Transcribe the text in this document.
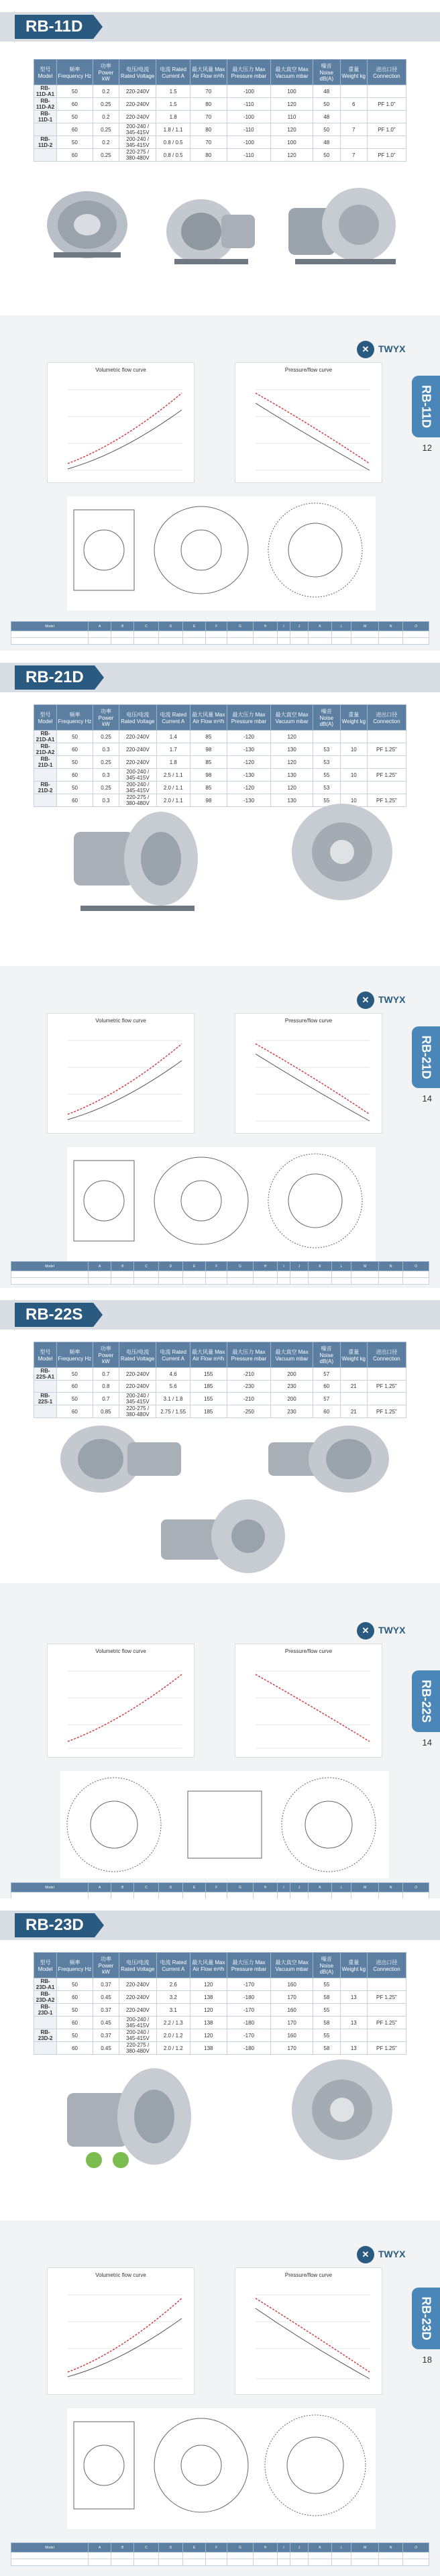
RB-11D
型号 Model	频率 Frequency Hz	功率 Power kW	电压/电流 Rated Voltage	电流 Rated Current A	最大风量 Max Air Flow m³/h	最大压力 Max Pressure mbar	最大真空 Max Vacuum mbar	噪音 Noise dB(A)	重量 Weight kg	进出口径 Connection
RB-11D-A1	50	0.2	220-240V	1.5	70	-100	100	48		
RB-11D-A2	60	0.25	220-240V	1.5	80	-110	120	50	6	PF 1.0"
RB-11D-1	50	0.2	220-240V	1.8	70	-100	110	48		
	60	0.25	200-240 / 345-415V	1.8 / 1.1	80	-110	120	50	7	PF 1.0"
RB-11D-2	50	0.2	200-240 / 345-415V	0.8 / 0.5	70	-100	100	48		
	60	0.25	220-275 / 380-480V	0.8 / 0.5	80	-110	120	50	7	PF 1.0"
✕ TWYX
Volumetric flow curve	Pressure/flow curve
RB-11D
12
Model	A	B	C	D	E	F	G	H	I	J	K	L	M	N	O

RB-21D
型号 Model	频率 Frequency Hz	功率 Power kW	电压/电流 Rated Voltage	电流 Rated Current A	最大风量 Max Air Flow m³/h	最大压力 Max Pressure mbar	最大真空 Max Vacuum mbar	噪音 Noise dB(A)	重量 Weight kg	进出口径 Connection
RB-21D-A1	50	0.25	220-240V	1.4	85	-120	120			
RB-21D-A2	60	0.3	220-240V	1.7	98	-130	130	53	10	PF 1.25"
RB-21D-1	50	0.25	220-240V	1.8	85	-120	120	53		
	60	0.3	200-240 / 345-415V	2.5 / 1.1	98	-130	130	55	10	PF 1.25"
RB-21D-2	50	0.25	200-240 / 345-415V	2.0 / 1.1	85	-120	120	53		
	60	0.3	220-275 / 380-480V	2.0 / 1.1	98	-130	130	55	10	PF 1.25"
✕ TWYX
Volumetric flow curve	Pressure/flow curve
RB-21D
14
Model	A	B	C	D	E	F	G	H	I	J	K	L	M	N	O

RB-22S
型号 Model	频率 Frequency Hz	功率 Power kW	电压/电流 Rated Voltage	电流 Rated Current A	最大风量 Max Air Flow m³/h	最大压力 Max Pressure mbar	最大真空 Max Vacuum mbar	噪音 Noise dB(A)	重量 Weight kg	进出口径 Connection
RB-22S-A1	50	0.7	220-240V	4.6	155	-210	200	57		
	60	0.8	220-240V	5.6	185	-230	230	60	21	PF 1.25"
RB-22S-1	50	0.7	200-240 / 345-415V	3.1 / 1.8	155	-210	200	57		
	60	0.85	220-275 / 380-480V	2.75 / 1.55	185	-250	230	60	21	PF 1.25"
✕ TWYX
Volumetric flow curve	Pressure/flow curve
RB-22S
14
Model	A	B	C	D	E	F	G	H	I	J	K	L	M	N	O

RB-23D
型号 Model	频率 Frequency Hz	功率 Power kW	电压/电流 Rated Voltage	电流 Rated Current A	最大风量 Max Air Flow m³/h	最大压力 Max Pressure mbar	最大真空 Max Vacuum mbar	噪音 Noise dB(A)	重量 Weight kg	进出口径 Connection
RB-23D-A1	50	0.37	220-240V	2.6	120	-170	160	55		
RB-23D-A2	60	0.45	220-240V	3.2	138	-180	170	58	13	PF 1.25"
RB-23D-1	50	0.37	220-240V	3.1	120	-170	160	55		
	60	0.45	200-240 / 345-415V	2.2 / 1.3	138	-180	170	58	13	PF 1.25"
RB-23D-2	50	0.37	200-240 / 345-415V	2.0 / 1.2	120	-170	160	55		
	60	0.45	220-275 / 380-480V	2.0 / 1.2	138	-180	170	58	13	PF 1.25"
✕ TWYX
Volumetric flow curve	Pressure/flow curve
RB-23D
18
Model	A	B	C	D	E	F	G	H	I	J	K	L	M	N	O
